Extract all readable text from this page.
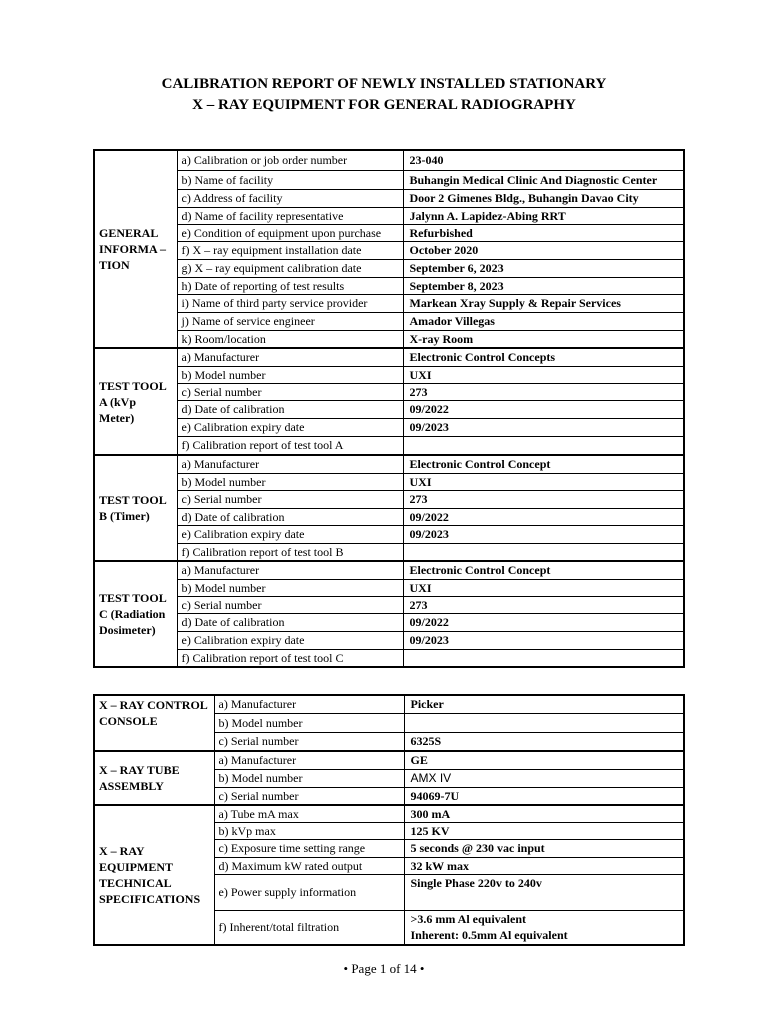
CALIBRATION REPORT OF NEWLY INSTALLED STATIONARY
X – RAY EQUIPMENT FOR GENERAL RADIOGRAPHY
GENERAL INFORMA – TION	a) Calibration or job order number	23-040
	b) Name of facility	Buhangin Medical Clinic And Diagnostic Center
	c) Address of facility	Door 2 Gimenes Bldg., Buhangin Davao City
	d) Name of facility representative	Jalynn A. Lapidez-Abing RRT
	e) Condition of equipment upon purchase	Refurbished
	f) X – ray equipment installation date	October 2020
	g) X – ray equipment calibration date	September 6, 2023
	h) Date of reporting of test results	September 8, 2023
	i) Name of third party service provider	Markean Xray Supply & Repair Services
	j) Name of service engineer	Amador Villegas
	k) Room/location	X-ray Room
TEST TOOL A (kVp Meter)	a) Manufacturer	Electronic Control Concepts
	b) Model number	UXI
	c) Serial number	273
	d) Date of calibration	09/2022
	e) Calibration expiry date	09/2023
	f) Calibration report of test tool A	
TEST TOOL B (Timer)	a) Manufacturer	Electronic Control Concept
	b) Model number	UXI
	c) Serial number	273
	d) Date of calibration	09/2022
	e) Calibration expiry date	09/2023
	f) Calibration report of test tool B	
TEST TOOL C (Radiation Dosimeter)	a) Manufacturer	Electronic Control Concept
	b) Model number	UXI
	c) Serial number	273
	d) Date of calibration	09/2022
	e) Calibration expiry date	09/2023
	f) Calibration report of test tool C	
X – RAY CONTROL CONSOLE	a) Manufacturer	Picker
	b) Model number	
	c) Serial number	6325S
X – RAY TUBE ASSEMBLY	a) Manufacturer	GE
	b) Model number	AMX IV
	c) Serial number	94069-7U
X – RAY EQUIPMENT TECHNICAL SPECIFICATIONS	a) Tube mA max	300 mA
	b) kVp max	125 KV
	c) Exposure time setting range	5 seconds @ 230 vac input
	d) Maximum kW rated output	32 kW max
	e) Power supply information	Single Phase 220v to 240v
	f) Inherent/total filtration	>3.6 mm Al equivalent
Inherent: 0.5mm Al equivalent
• Page 1 of 14 •
